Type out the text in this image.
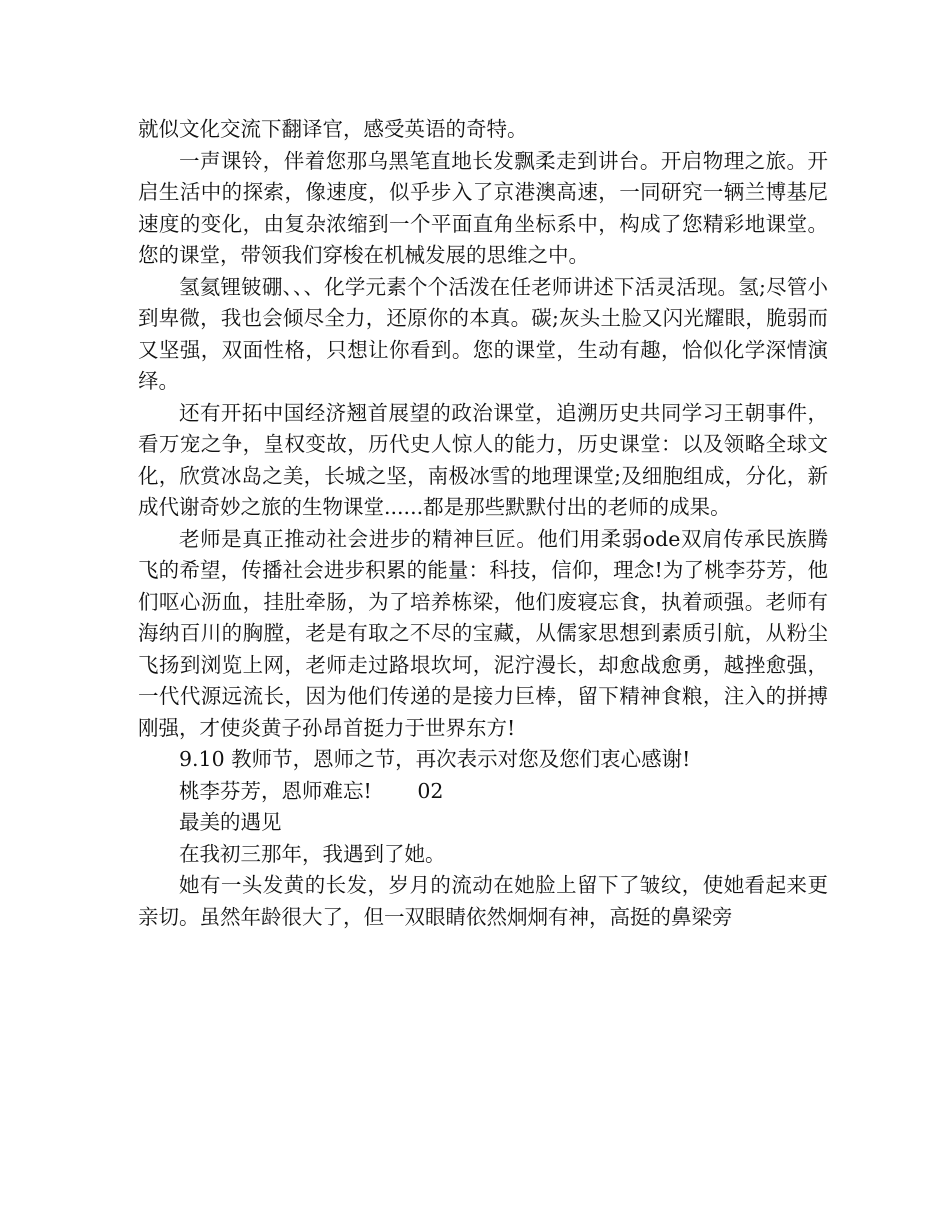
就似文化交流下翻译官，感受英语的奇特。

一声课铃，伴着您那乌黑笔直地长发飘柔走到讲台。开启物理之旅。开启生活中的探索，像速度，似乎步入了京港澳高速，一同研究一辆兰博基尼速度的变化，由复杂浓缩到一个平面直角坐标系中，构成了您精彩地课堂。您的课堂，带领我们穿梭在机械发展的思维之中。

氢氦锂铍硼、、、化学元素个个活泼在任老师讲述下活灵活现。氢;尽管小到卑微，我也会倾尽全力，还原你的本真。碳;灰头土脸又闪光耀眼，脆弱而又坚强，双面性格，只想让你看到。您的课堂，生动有趣，恰似化学深情演绎。

还有开拓中国经济翘首展望的政治课堂，追溯历史共同学习王朝事件，看万宠之争，皇权变故，历代史人惊人的能力，历史课堂：以及领略全球文化，欣赏冰岛之美，长城之坚，南极冰雪的地理课堂;及细胞组成，分化，新成代谢奇妙之旅的生物课堂......都是那些默默付出的老师的成果。

老师是真正推动社会进步的精神巨匠。他们用柔弱ode双肩传承民族腾飞的希望，传播社会进步积累的能量：科技，信仰，理念!为了桃李芬芳，他们呕心沥血，挂肚牵肠，为了培养栋梁，他们废寝忘食，执着顽强。老师有海纳百川的胸膛，老是有取之不尽的宝藏，从儒家思想到素质引航，从粉尘飞扬到浏览上网，老师走过路垠坎坷，泥泞漫长，却愈战愈勇，越挫愈强，一代代源远流长，因为他们传递的是接力巨棒，留下精神食粮，注入的拼搏刚强，才使炎黄子孙昂首挺力于世界东方!

9.10 教师节，恩师之节，再次表示对您及您们衷心感谢!

桃李芬芳，恩师难忘! 02

最美的遇见

在我初三那年，我遇到了她。

她有一头发黄的长发，岁月的流动在她脸上留下了皱纹，使她看起来更亲切。虽然年龄很大了，但一双眼睛依然炯炯有神，高挺的鼻梁旁
